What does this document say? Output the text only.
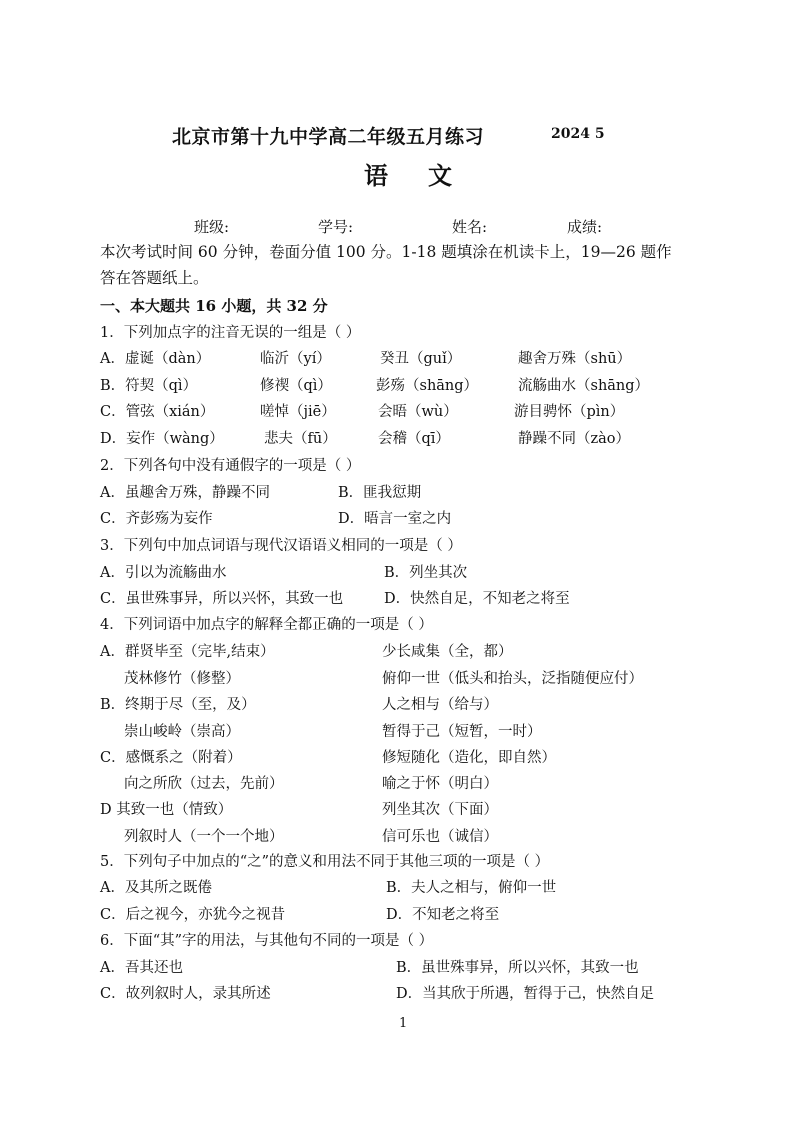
北京市第十九中学高二年级五月练习	2024 5
语文
班级:	学号:	姓名:	成绩:
本次考试时间 60 分钟，卷面分值 100 分。1-18 题填涂在机读卡上，19—26 题作
答在答题纸上。
一、本大题共 16 小题，共 32 分
1．下列加点字的注音无误的一组是（ ）
A．虚诞（dàn）	临沂（yí）	癸丑（guǐ）	趣舍万殊（shū）
B．符契（qì）	修禊（qì）	彭殇（shāng）	流觞曲水（shāng）
C．管弦（xián）	嗟悼（jiē）	会晤（wù）	游目骋怀（pìn）
D．妄作（wàng）	悲夫（fū）	会稽（qī）	静躁不同（zào）
2．下列各句中没有通假字的一项是（ ）
A．虽趣舍万殊，静躁不同	B．匪我愆期
C．齐彭殇为妄作	D．晤言一室之内
3．下列句中加点词语与现代汉语语义相同的一项是（ ）
A．引以为流觞曲水	B．列坐其次
C．虽世殊事异，所以兴怀，其致一也	D．快然自足，不知老之将至
4．下列词语中加点字的解释全都正确的一项是（ ）
A．群贤毕至（完毕,结束）	少长咸集（全，都）
茂林修竹（修整）	俯仰一世（低头和抬头，泛指随便应付）
B．终期于尽（至，及）	人之相与（给与）
崇山峻岭（崇高）	暂得于己（短暂，一时）
C．感慨系之（附着）	修短随化（造化，即自然）
向之所欣（过去，先前）	喻之于怀（明白）
D 其致一也（情致）	列坐其次（下面）
列叙时人（一个一个地）	信可乐也（诚信）
5．下列句子中加点的“之”的意义和用法不同于其他三项的一项是（ ）
A．及其所之既倦	B．夫人之相与，俯仰一世
C．后之视今，亦犹今之视昔	D．不知老之将至
6．下面“其”字的用法，与其他句不同的一项是（ ）
A．吾其还也	B．虽世殊事异，所以兴怀，其致一也
C．故列叙时人，录其所述	D．当其欣于所遇，暂得于己，快然自足
1
